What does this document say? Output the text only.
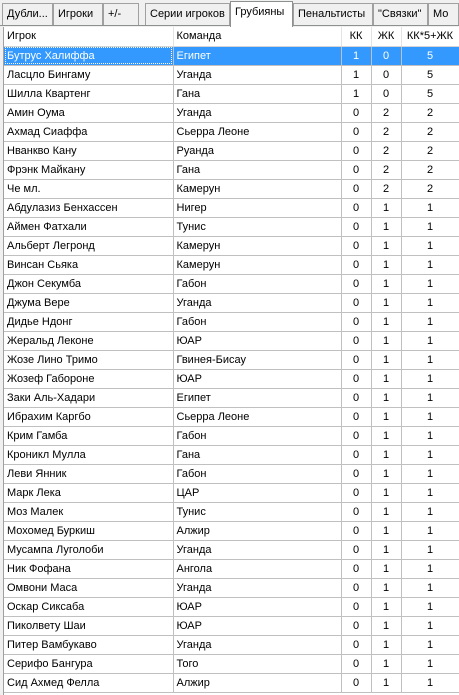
Дубли... Игроки	+/-	Серии игроков Грубияны	Пенальтисты	"Связки"	Мо
Игрок	Команда	КК	ЖК	КК*5+ЖК
Бутрус Халиффа	Египет	1	0	5
Ласцло Бингаму	Уганда	1	0	5
Шилла Квартенг	Гана	1	0	5
Амин Оума	Уганда	0	2	2
Ахмад Сиаффа	Сьерра Леоне	0	2	2
Нванкво Кану	Руанда	0	2	2
Фрэнк Майкану	Гана	0	2	2
Че мл.	Камерун	0	2	2
Абдулазиз Бенхассен	Нигер	0	1	1
Аймен Фатхали	Тунис	0	1	1
Альберт Легронд	Камерун	0	1	1
Винсан Сьяка	Камерун	0	1	1
Джон Секумба	Габон	0	1	1
Джума Вере	Уганда	0	1	1
Дидье Ндонг	Габон	0	1	1
Жеральд Леконе	ЮАР	0	1	1
Жозе Лино Тримо	Гвинея-Бисау	0	1	1
Жозеф Габороне	ЮАР	0	1	1
Заки Аль-Хадари	Египет	0	1	1
Ибрахим Каргбо	Сьерра Леоне	0	1	1
Крим Гамба	Габон	0	1	1
Кроникл Мулла	Гана	0	1	1
Леви Янник	Габон	0	1	1
Марк Лека	ЦАР	0	1	1
Моз Малек	Тунис	0	1	1
Мохомед Буркиш	Алжир	0	1	1
Мусампа Луголоби	Уганда	0	1	1
Ник Фофана	Ангола	0	1	1
Омвони Маса	Уганда	0	1	1
Оскар Сиксаба	ЮАР	0	1	1
Пиколвету Шаи	ЮАР	0	1	1
Питер Вамбукаво	Уганда	0	1	1
Серифо Бангура	Того	0	1	1
Сид Ахмед Фелла	Алжир	0	1	1
